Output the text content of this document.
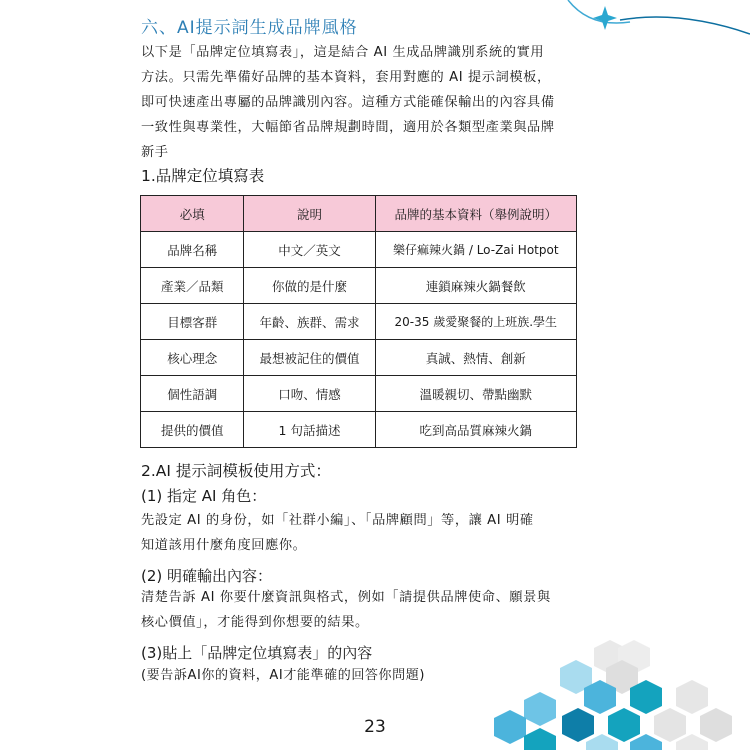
六、AI提示詞生成品牌風格

以下是「品牌定位填寫表」，這是結合 AI 生成品牌識別系統的實用

方法。只需先準備好品牌的基本資料，套用對應的 AI 提示詞模板，

即可快速產出專屬的品牌識別內容。這種方式能確保輸出的內容具備

一致性與專業性，大幅節省品牌規劃時間，適用於各類型產業與品牌

新手

1.品牌定位填寫表
必填	說明	品牌的基本資料（舉例說明）
品牌名稱	中文／英文	樂仔痲辣火鍋 / Lo-Zai Hotpot
產業／品類	你做的是什麼	連鎖麻辣火鍋餐飲
目標客群	年齡、族群、需求	20-35 歲愛聚餐的上班族.學生
核心理念	最想被記住的價值	真誠、熱情、創新
個性語調	口吻、情感	溫暖親切、帶點幽默
提供的價值	1 句話描述	吃到高品質麻辣火鍋
2.AI 提示詞模板使用方式：
(1) 指定 AI 角色：

先設定 AI 的身份，如「社群小編」、「品牌顧問」等，讓 AI 明確

知道該用什麼角度回應你。

(2) 明確輸出內容：

清楚告訴 AI 你要什麼資訊與格式，例如「請提供品牌使命、願景與

核心價值」，才能得到你想要的結果。

(3)貼上「品牌定位填寫表」的內容
(要告訴AI你的資料，AI才能準確的回答你問題)
23
